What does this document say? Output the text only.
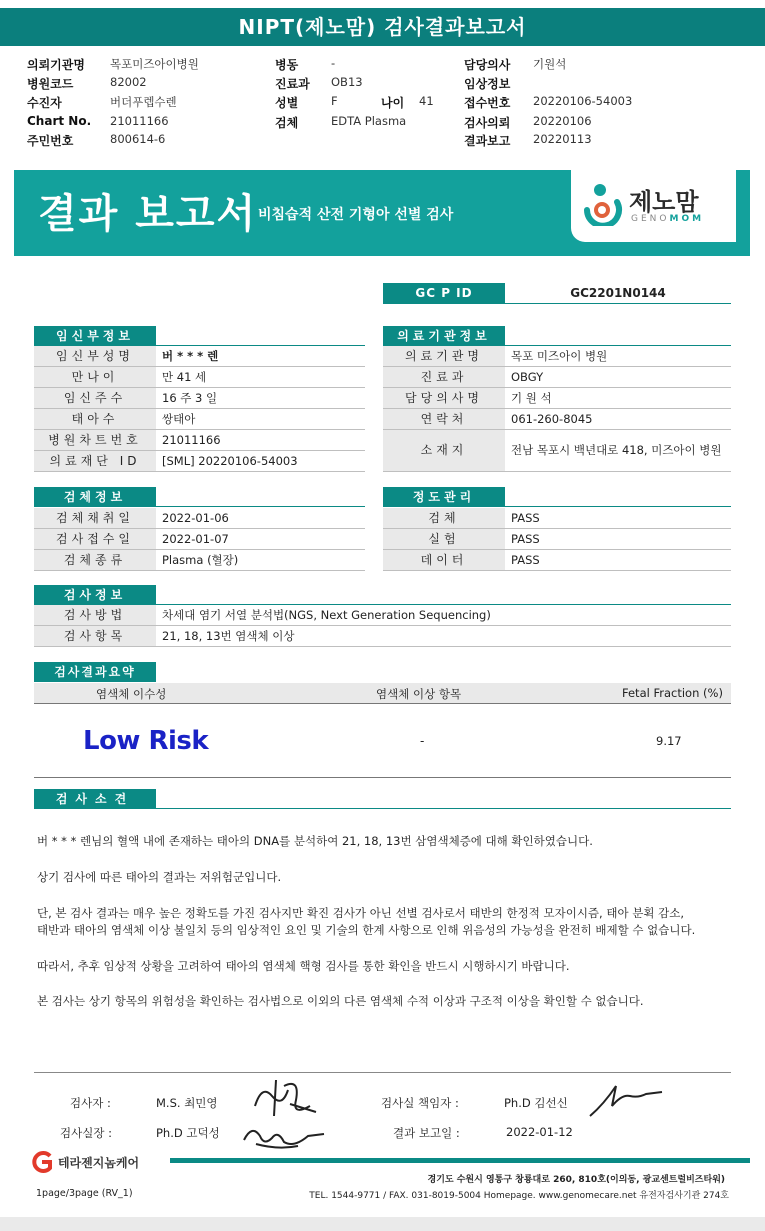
NIPT(제노맘) 검사결과보고서
의뢰기관명 목포미즈아이병원	병동	-	담당의사 기원석
병원코드	82002	진료과 OB13	임상정보
수진자	버더푸렙수렌	성별	F	나이 41	접수번호 20220106-54003
Chart No. 21011166	검체	EDTA Plasma	검사의뢰 20220106
주민번호	800614-6	결과보고 20220113
결과 보고서 비침습적 산전 기형아 선별 검사	제노맘
GENOMOM
GC P ID	GC2201N0144
임신부정보
임신부성명	버 * * * 렌
만나이	만 41 세
임신주수	16 주 3 일
태아수	쌍태아
병원차트번호	21011166
의료재단 ID	[SML] 20220106-54003
의료기관정보
의료기관명	목포 미즈아이 병원
진료과	OBGY
담당의사명	기 원 석
연락처	061-260-8045
소재지	전남 목포시 백년대로 418, 미즈아이 병원
검체정보
검체채취일	2022-01-06
검사접수일	2022-01-07
검체종류	Plasma (혈장)
정도관리
검체	PASS
실험	PASS
데이터	PASS
검사정보
검사방법	차세대 염기 서열 분석법(NGS, Next Generation Sequencing)
검사항목	21, 18, 13번 염색체 이상
검사결과요약
염색체 이수성	염색체 이상 항목	Fetal Fraction (%)
Low Risk	-	9.17
검사소견
버 * * * 렌님의 혈액 내에 존재하는 태아의 DNA를 분석하여 21, 18, 13번 삼염색체증에 대해 확인하였습니다.
상기 검사에 따른 태아의 결과는 저위험군입니다.
단, 본 검사 결과는 매우 높은 정확도를 가진 검사지만 확진 검사가 아닌 선별 검사로서 태반의 한정적 모자이시즘, 태아 분획 감소,
태반과 태아의 염색체 이상 불일치 등의 임상적인 요인 및 기술의 한계 사항으로 인해 위음성의 가능성을 완전히 배제할 수 없습니다.
따라서, 추후 임상적 상황을 고려하여 태아의 염색체 핵형 검사를 통한 확인을 반드시 시행하시기 바랍니다.
본 검사는 상기 항목의 위험성을 확인하는 검사법으로 이외의 다른 염색체 수적 이상과 구조적 이상을 확인할 수 없습니다.
검사자 :	M.S. 최민영	검사실 책임자 :	Ph.D 김선신
검사실장 :	Ph.D 고덕성	결과 보고일 :	2022-01-12
테라젠지놈케어
경기도 수원시 영통구 창룡대로 260, 810호(이의동, 광교센트럴비즈타워)
TEL. 1544-9771 / FAX. 031-8019-5004 Homepage. www.genomecare.net 유전자검사기관 274호
1page/3page (RV_1)
